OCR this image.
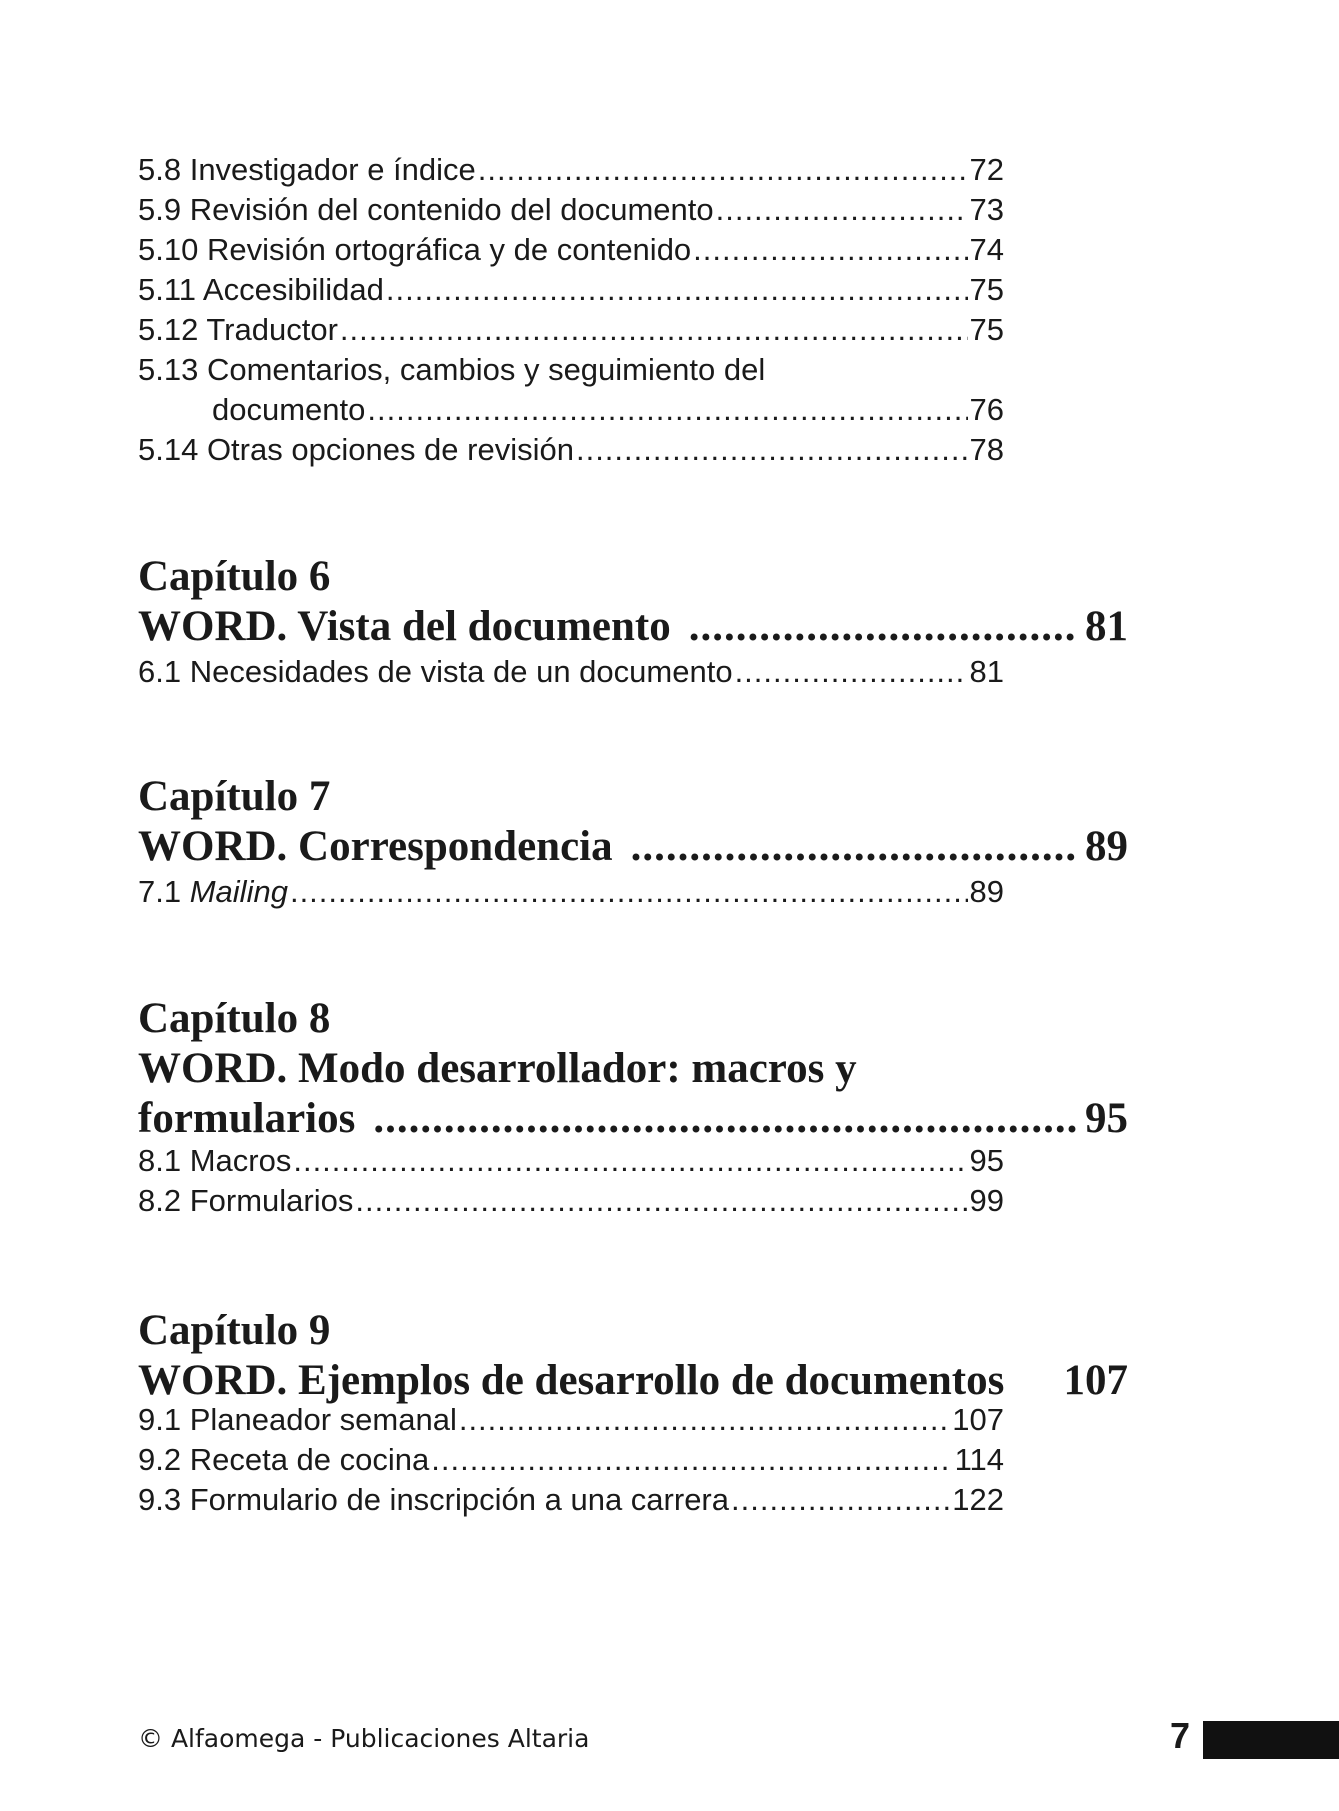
5.8 Investigador e índice .....	72
5.9 Revisión del contenido del documento .....	73
5.10 Revisión ortográfica y de contenido .....	74
5.11 Accesibilidad .....	75
5.12 Traductor .....	75
5.13 Comentarios, cambios y seguimiento del
documento .....	76
5.14 Otras opciones de revisión .....	78
Capítulo 6
WORD. Vista del documento .....	81
6.1 Necesidades de vista de un documento .....	81
Capítulo 7
WORD. Correspondencia .....	89
7.1 Mailing .....	89
Capítulo 8
WORD. Modo desarrollador: macros y
formularios .....	95
8.1 Macros .....	95
8.2 Formularios .....	99
Capítulo 9
WORD. Ejemplos de desarrollo de documentos 107
9.1 Planeador semanal .....	107
9.2 Receta de cocina .....	114
9.3 Formulario de inscripción a una carrera .....	122
© Alfaomega - Publicaciones Altaria	7
